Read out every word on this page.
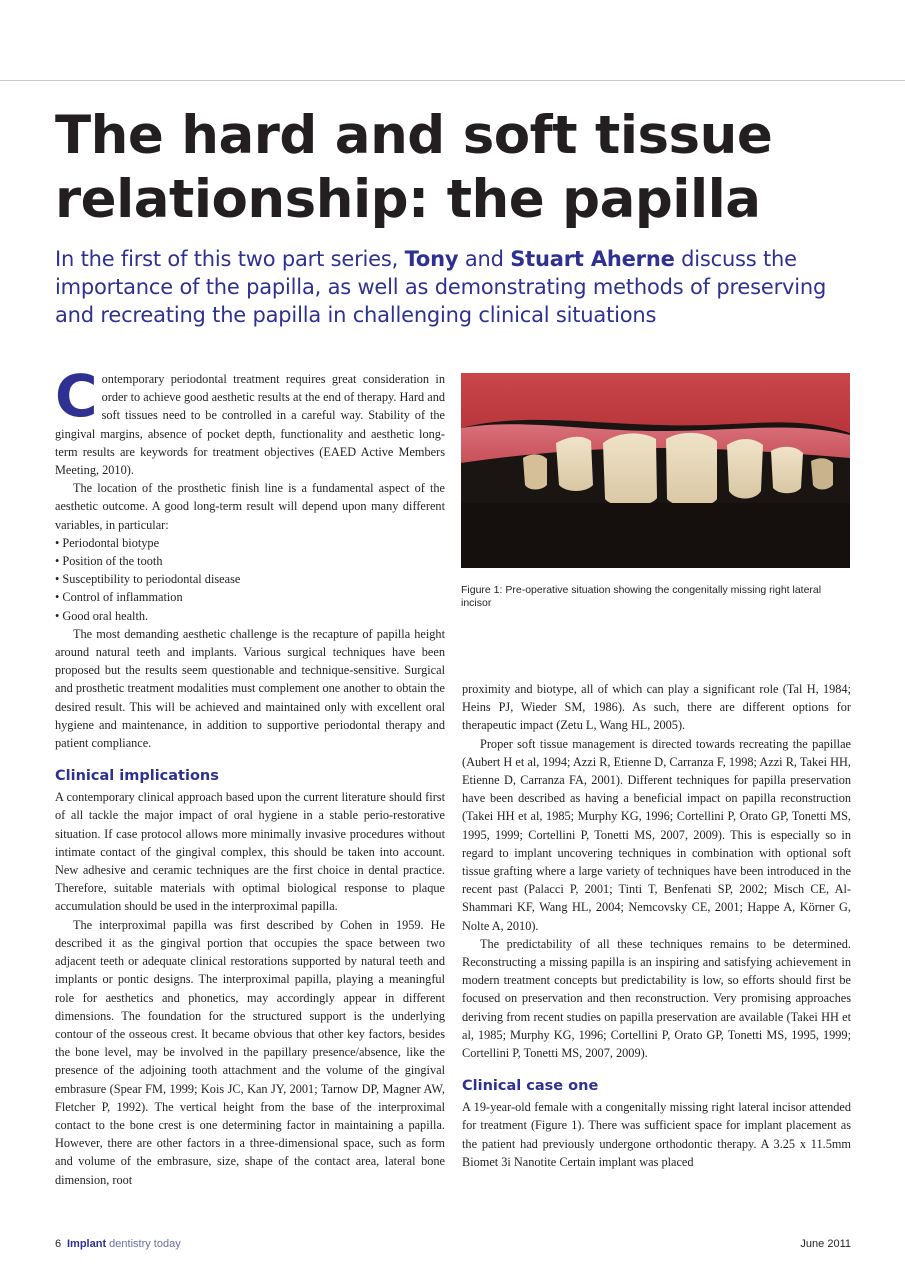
The hard and soft tissue
relationship: the papilla

In the first of this two part series, Tony and Stuart Aherne discuss the importance of the papilla, as well as demonstrating methods of preserving and recreating the papilla in challenging clinical situations

Contemporary periodontal treatment requires great consideration in order to achieve good aesthetic results at the end of therapy. Hard and soft tissues need to be controlled in a careful way. Stability of the gingival margins, absence of pocket depth, functionality and aesthetic long-term results are keywords for treatment objectives (EAED Active Members Meeting, 2010).

The location of the prosthetic finish line is a fundamental aspect of the aesthetic outcome. A good long-term result will depend upon many different variables, in particular:

• Periodontal biotype
• Position of the tooth
• Susceptibility to periodontal disease
• Control of inflammation
• Good oral health.

The most demanding aesthetic challenge is the recapture of papilla height around natural teeth and implants. Various surgical techniques have been proposed but the results seem questionable and technique-sensitive. Surgical and prosthetic treatment modalities must complement one another to obtain the desired result. This will be achieved and maintained only with excellent oral hygiene and maintenance, in addition to supportive periodontal therapy and patient compliance.

Clinical implications

A contemporary clinical approach based upon the current literature should first of all tackle the major impact of oral hygiene in a stable perio-restorative situation. If case protocol allows more minimally invasive procedures without intimate contact of the gingival complex, this should be taken into account. New adhesive and ceramic techniques are the first choice in dental practice. Therefore, suitable materials with optimal biological response to plaque accumulation should be used in the interproximal papilla.

The interproximal papilla was first described by Cohen in 1959. He described it as the gingival portion that occupies the space between two adjacent teeth or adequate clinical restorations supported by natural teeth and implants or pontic designs. The interproximal papilla, playing a meaningful role for aesthetics and phonetics, may accordingly appear in different dimensions. The foundation for the structured support is the underlying contour of the osseous crest. It became obvious that other key factors, besides the bone level, may be involved in the papillary presence/absence, like the presence of the adjoining tooth attachment and the volume of the gingival embrasure (Spear FM, 1999; Kois JC, Kan JY, 2001; Tarnow DP, Magner AW, Fletcher P, 1992). The vertical height from the base of the interproximal contact to the bone crest is one determining factor in maintaining a papilla. However, there are other factors in a three-dimensional space, such as form and volume of the embrasure, size, shape of the contact area, lateral bone dimension, root

Figure 1: Pre-operative situation showing the congenitally missing right lateral incisor

proximity and biotype, all of which can play a significant role (Tal H, 1984; Heins PJ, Wieder SM, 1986). As such, there are different options for therapeutic impact (Zetu L, Wang HL, 2005).

Proper soft tissue management is directed towards recreating the papillae (Aubert H et al, 1994; Azzi R, Etienne D, Carranza F, 1998; Azzi R, Takei HH, Etienne D, Carranza FA, 2001). Different techniques for papilla preservation have been described as having a beneficial impact on papilla reconstruction (Takei HH et al, 1985; Murphy KG, 1996; Cortellini P, Orato GP, Tonetti MS, 1995, 1999; Cortellini P, Tonetti MS, 2007, 2009). This is especially so in regard to implant uncovering techniques in combination with optional soft tissue grafting where a large variety of techniques have been introduced in the recent past (Palacci P, 2001; Tinti T, Benfenati SP, 2002; Misch CE, Al-Shammari KF, Wang HL, 2004; Nemcovsky CE, 2001; Happe A, Körner G, Nolte A, 2010).

The predictability of all these techniques remains to be determined. Reconstructing a missing papilla is an inspiring and satisfying achievement in modern treatment concepts but predictability is low, so efforts should first be focused on preservation and then reconstruction. Very promising approaches deriving from recent studies on papilla preservation are available (Takei HH et al, 1985; Murphy KG, 1996; Cortellini P, Orato GP, Tonetti MS, 1995, 1999; Cortellini P, Tonetti MS, 2007, 2009).

Clinical case one

A 19-year-old female with a congenitally missing right lateral incisor attended for treatment (Figure 1). There was sufficient space for implant placement as the patient had previously undergone orthodontic therapy. A 3.25 x 11.5mm Biomet 3i Nanotite Certain implant was placed

6 Implant dentistry today	June 2011
